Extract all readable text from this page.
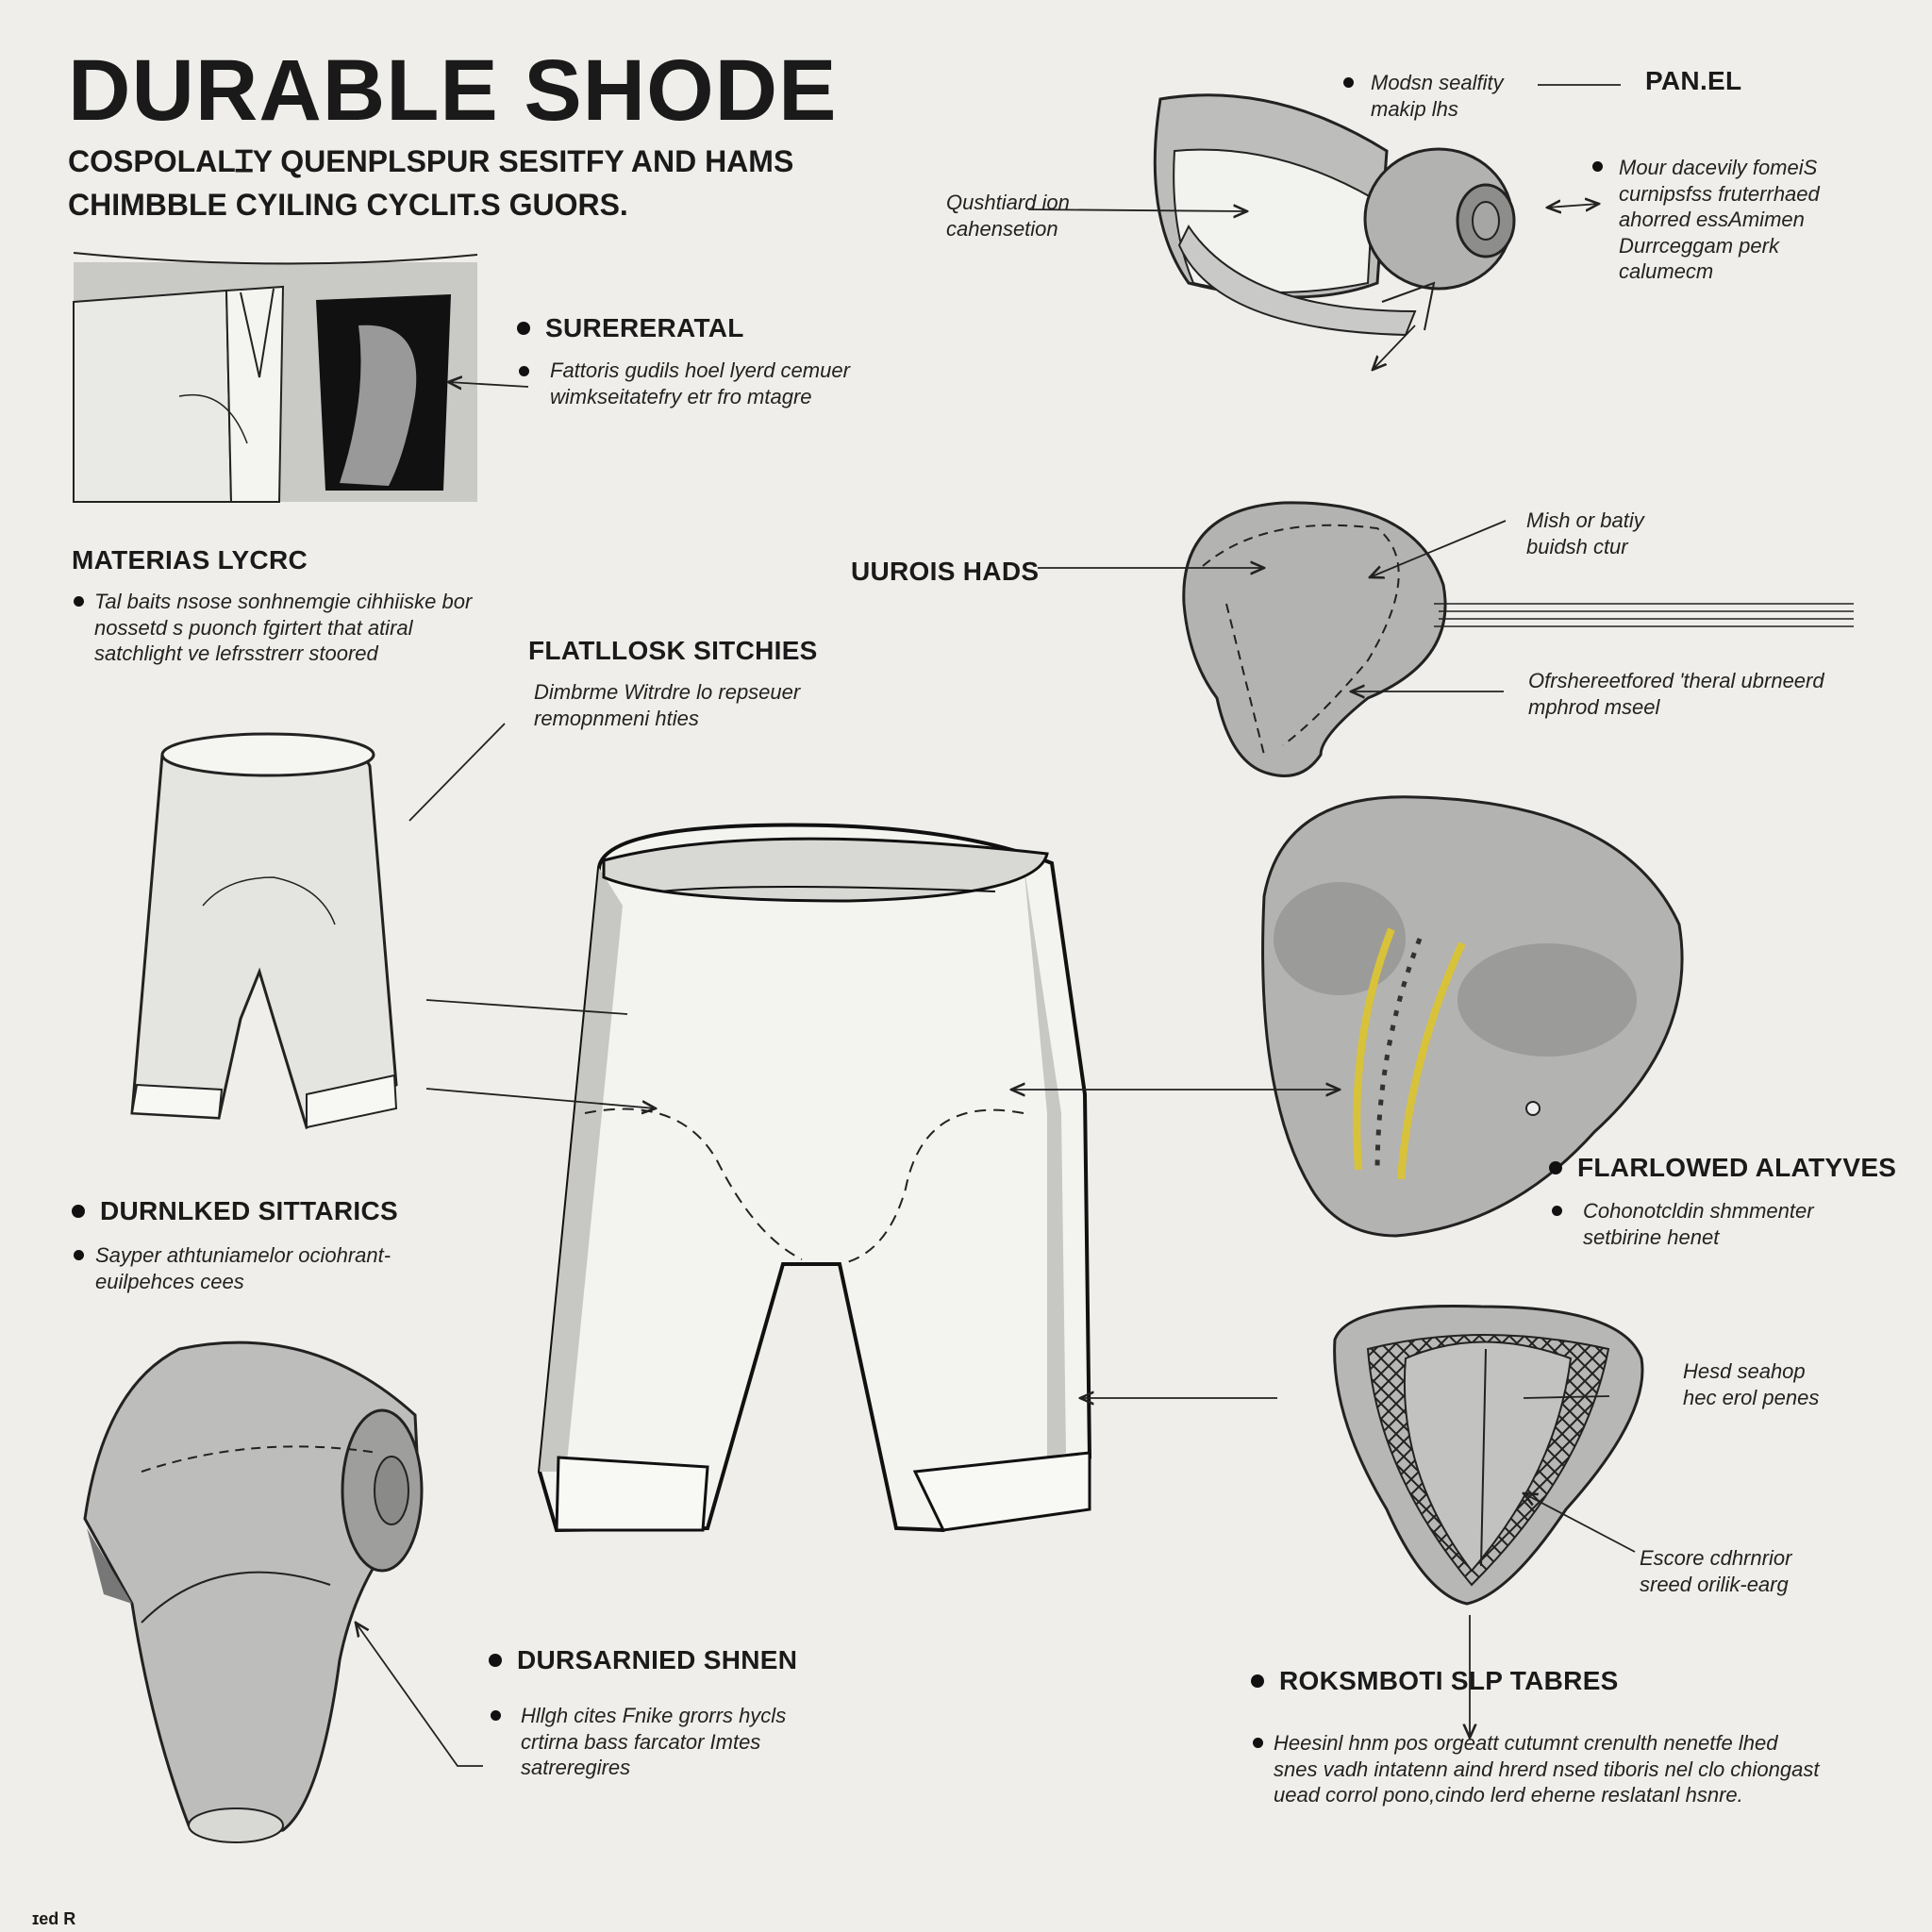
DURABLE SHODE

COSPOLALꞮY QUENPLSPUR SESITFY AND HAMS

CHIMBBLE CYILING CYCLIT.S GUORS.

Modsn sealfity makip lhs

PAN.EL

Mour dacevily fomeiS curnipsfss fruterrhaed ahorred essAmimen Durrceggam perk calumecm

Qushtiard ion cahensetion

SURERERATAL

Fattoris gudils hoel lyerd cemuer wimkseitatefry etr fro mtagre

MATERIAS LYCRC

Tal baits nsose sonhnemgie cihhiiske bor nossetd s puonch fgirtert that atiral satchlight ve lefrsstrerr stoored	FLATLLOSK SITCHIES

Dimbrme Witrdre lo repseuer remopnmeni hties

UUROIS HADS

Mish or batiy buidsh ctur

Ofrshereetfored 'theral ubrneerd mphrod mseel

FLARLOWED ALATYVES

Cohonotcldin shmmenter setbirine henet

DURNLKED SITTARICS

Sayper athtuniamelor ociohrant- euilpehces cees

Hesd seahop hec erol penes

Escore cdhrnrior sreed orilik-earg

DURSARNIED SHNEN

Hllgh cites Fnike grorrs hycls crtirna bass farcator Imtes satreregires

ROKSMBOTI SLP TABRES

Heesinl hnm pos orgeatt cutumnt crenulth nenetfe lhed snes vadh intatenn aind hrerd nsed tiboris nel clo chiongast uead corrol pono,cindo lerd eherne reslatanl hsnre.

ɪed R
